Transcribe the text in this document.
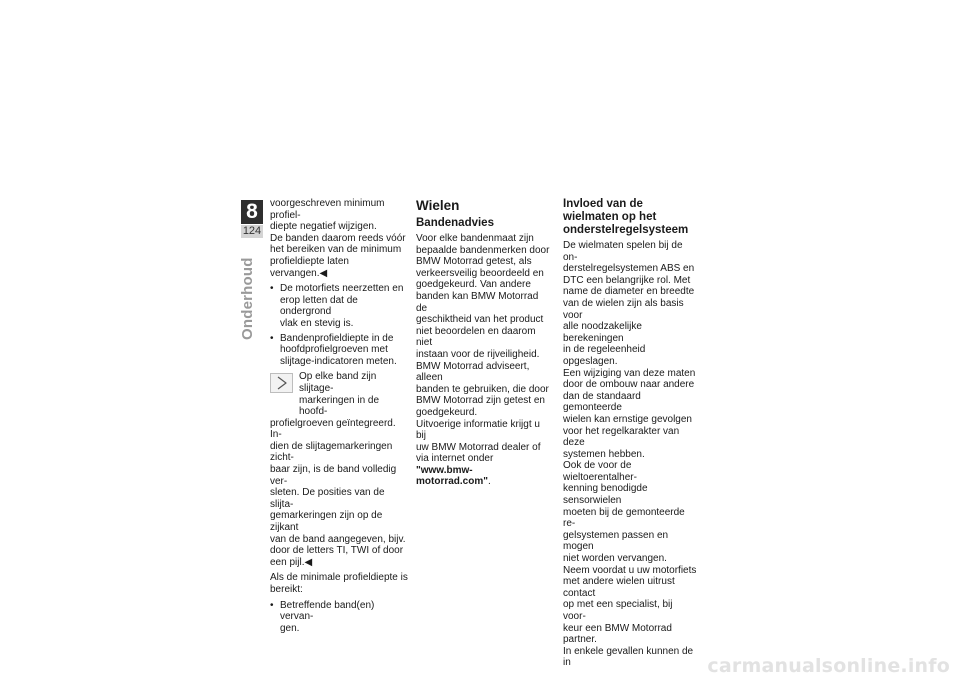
8
124
Onderhoud

voorgeschreven minimum profiel-
diepte negatief wijzigen.
De banden daarom reeds vóór
het bereiken van de minimum
profieldiepte laten vervangen.◀

• De motorfiets neerzetten en
erop letten dat de ondergrond
vlak en stevig is.
• Bandenprofieldiepte in de
hoofdprofielgroeven met
slijtage-indicatoren meten.
Op elke band zijn slijtage-
markeringen in de hoofd-
profielgroeven geïntegreerd. In-
dien de slijtagemarkeringen zicht-
baar zijn, is de band volledig ver-
sleten. De posities van de slijta-
gemarkeringen zijn op de zijkant
van de band aangegeven, bijv.
door de letters TI, TWI of door
een pijl.◀

Als de minimale profieldiepte is
bereikt:

• Betreffende band(en) vervan-
gen.
Wielen
Bandenadvies

Voor elke bandenmaat zijn
bepaalde bandenmerken door
BMW Motorrad getest, als
verkeersveilig beoordeeld en
goedgekeurd. Van andere
banden kan BMW Motorrad de
geschiktheid van het product
niet beoordelen en daarom niet
instaan voor de rijveiligheid.
BMW Motorrad adviseert, alleen
banden te gebruiken, die door
BMW Motorrad zijn getest en
goedgekeurd.
Uitvoerige informatie krijgt u bij
uw BMW Motorrad dealer of
via internet onder "www.bmw-
motorrad.com".

Invloed van de
wielmaten op het
onderstelregelsysteem

De wielmaten spelen bij de on-
derstelregelsystemen ABS en
DTC een belangrijke rol. Met
name de diameter en breedte
van de wielen zijn als basis voor
alle noodzakelijke berekeningen
in de regeleenheid opgeslagen.
Een wijziging van deze maten
door de ombouw naar andere
dan de standaard gemonteerde
wielen kan ernstige gevolgen
voor het regelkarakter van deze
systemen hebben.
Ook de voor de wieltoerentalher-
kenning benodigde sensorwielen
moeten bij de gemonteerde re-
gelsystemen passen en mogen
niet worden vervangen.
Neem voordat u uw motorfiets
met andere wielen uitrust contact
op met een specialist, bij voor-
keur een BMW Motorrad partner.
In enkele gevallen kunnen de in	carmanualsonline.info
